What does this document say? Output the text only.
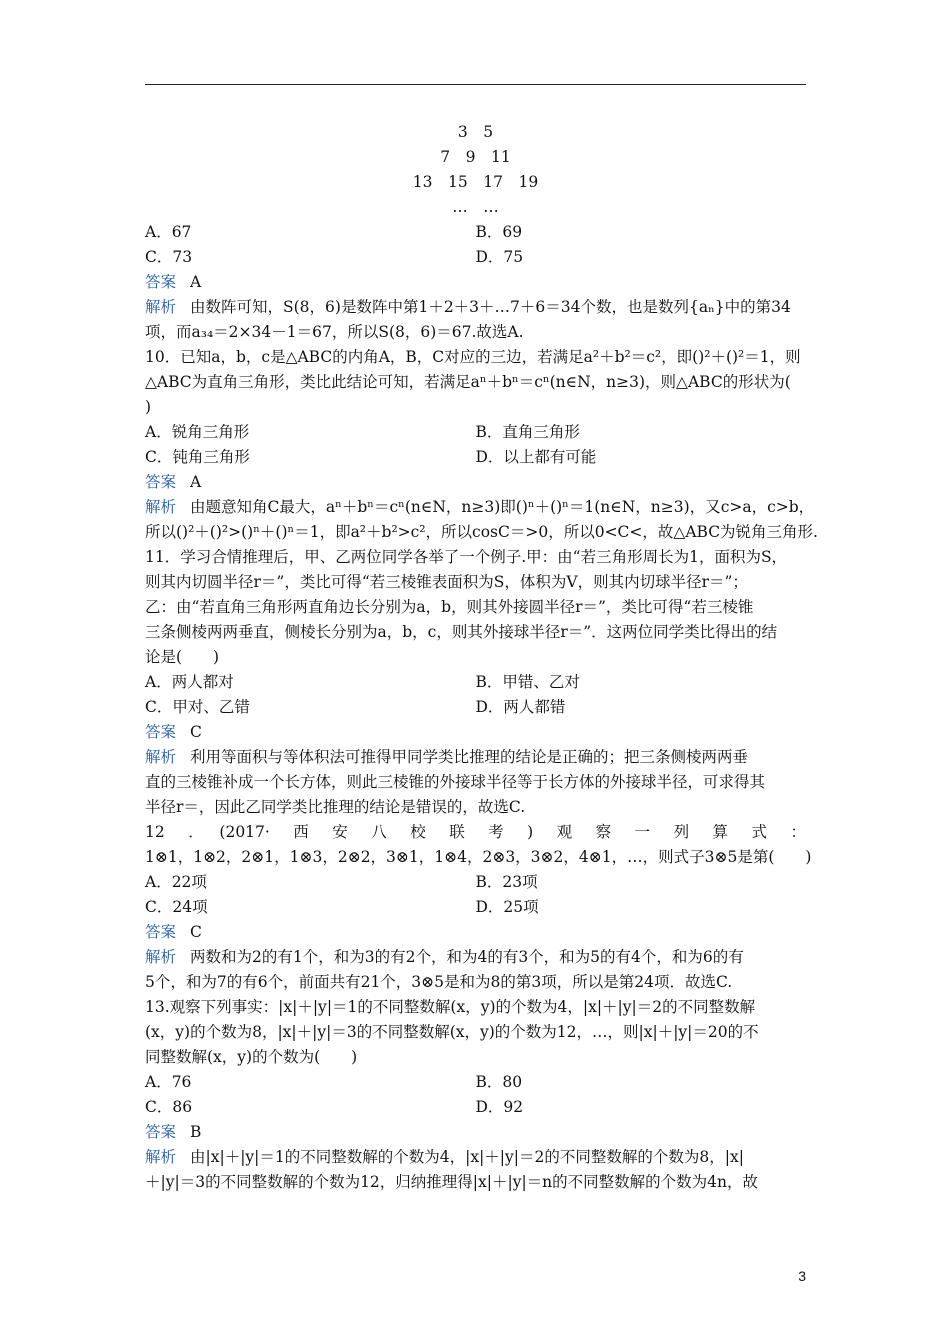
3　5
7　9　11
13　15　17　19
…　…
A．67	B．69
C．73	D．75
答案 A
解析 由数阵可知，S(8，6)是数阵中第1＋2＋3＋…7＋6＝34个数，也是数列{aₙ}中的第34
项，而a₃₄＝2×34－1＝67，所以S(8，6)＝67.故选A.
10．已知a，b，c是△ABC的内角A，B，C对应的三边，若满足a²＋b²＝c²，即()²＋()²＝1，则
△ABC为直角三角形，类比此结论可知，若满足aⁿ＋bⁿ＝cⁿ(n∈N，n≥3)，则△ABC的形状为(
)
A．锐角三角形	B．直角三角形
C．钝角三角形	D．以上都有可能
答案 A
解析 由题意知角C最大，aⁿ＋bⁿ＝cⁿ(n∈N，n≥3)即()ⁿ＋()ⁿ＝1(n∈N，n≥3)，又c>a，c>b，
所以()²＋()²>()ⁿ＋()ⁿ＝1，即a²＋b²>c²，所以cosC＝>0，所以0<C<，故△ABC为锐角三角形.
11．学习合情推理后，甲、乙两位同学各举了一个例子.甲：由“若三角形周长为1，面积为S，
则其内切圆半径r＝”，类比可得“若三棱锥表面积为S，体积为V，则其内切球半径r＝”；
乙：由“若直角三角形两直角边长分别为a，b，则其外接圆半径r＝”，类比可得“若三棱锥
三条侧棱两两垂直，侧棱长分别为a，b，c，则其外接球半径r＝”．这两位同学类比得出的结
论是(　　)
A．两人都对	B．甲错、乙对
C．甲对、乙错	D．两人都错
答案 C
解析 利用等面积与等体积法可推得甲同学类比推理的结论是正确的；把三条侧棱两两垂
直的三棱锥补成一个长方体，则此三棱锥的外接球半径等于长方体的外接球半径，可求得其
半径r＝，因此乙同学类比推理的结论是错误的，故选C.
12　．　(2017·　西　安　八　校　联　考　)　观　察　一　列　算　式　：
1⊗1，1⊗2，2⊗1，1⊗3，2⊗2，3⊗1，1⊗4，2⊗3，3⊗2，4⊗1，…，则式子3⊗5是第(　　)
A．22项	B．23项
C．24项	D．25项
答案 C
解析 两数和为2的有1个，和为3的有2个，和为4的有3个，和为5的有4个，和为6的有
5个，和为7的有6个，前面共有21个，3⊗5是和为8的第3项，所以是第24项．故选C.
13.观察下列事实：|x|＋|y|＝1的不同整数解(x，y)的个数为4，|x|＋|y|＝2的不同整数解
(x，y)的个数为8，|x|＋|y|＝3的不同整数解(x，y)的个数为12，…，则|x|＋|y|＝20的不
同整数解(x，y)的个数为(　　)
A．76	B．80
C．86	D．92
答案 B
解析 由|x|＋|y|＝1的不同整数解的个数为4，|x|＋|y|＝2的不同整数解的个数为8，|x|
＋|y|＝3的不同整数解的个数为12，归纳推理得|x|＋|y|＝n的不同整数解的个数为4n，故
3
